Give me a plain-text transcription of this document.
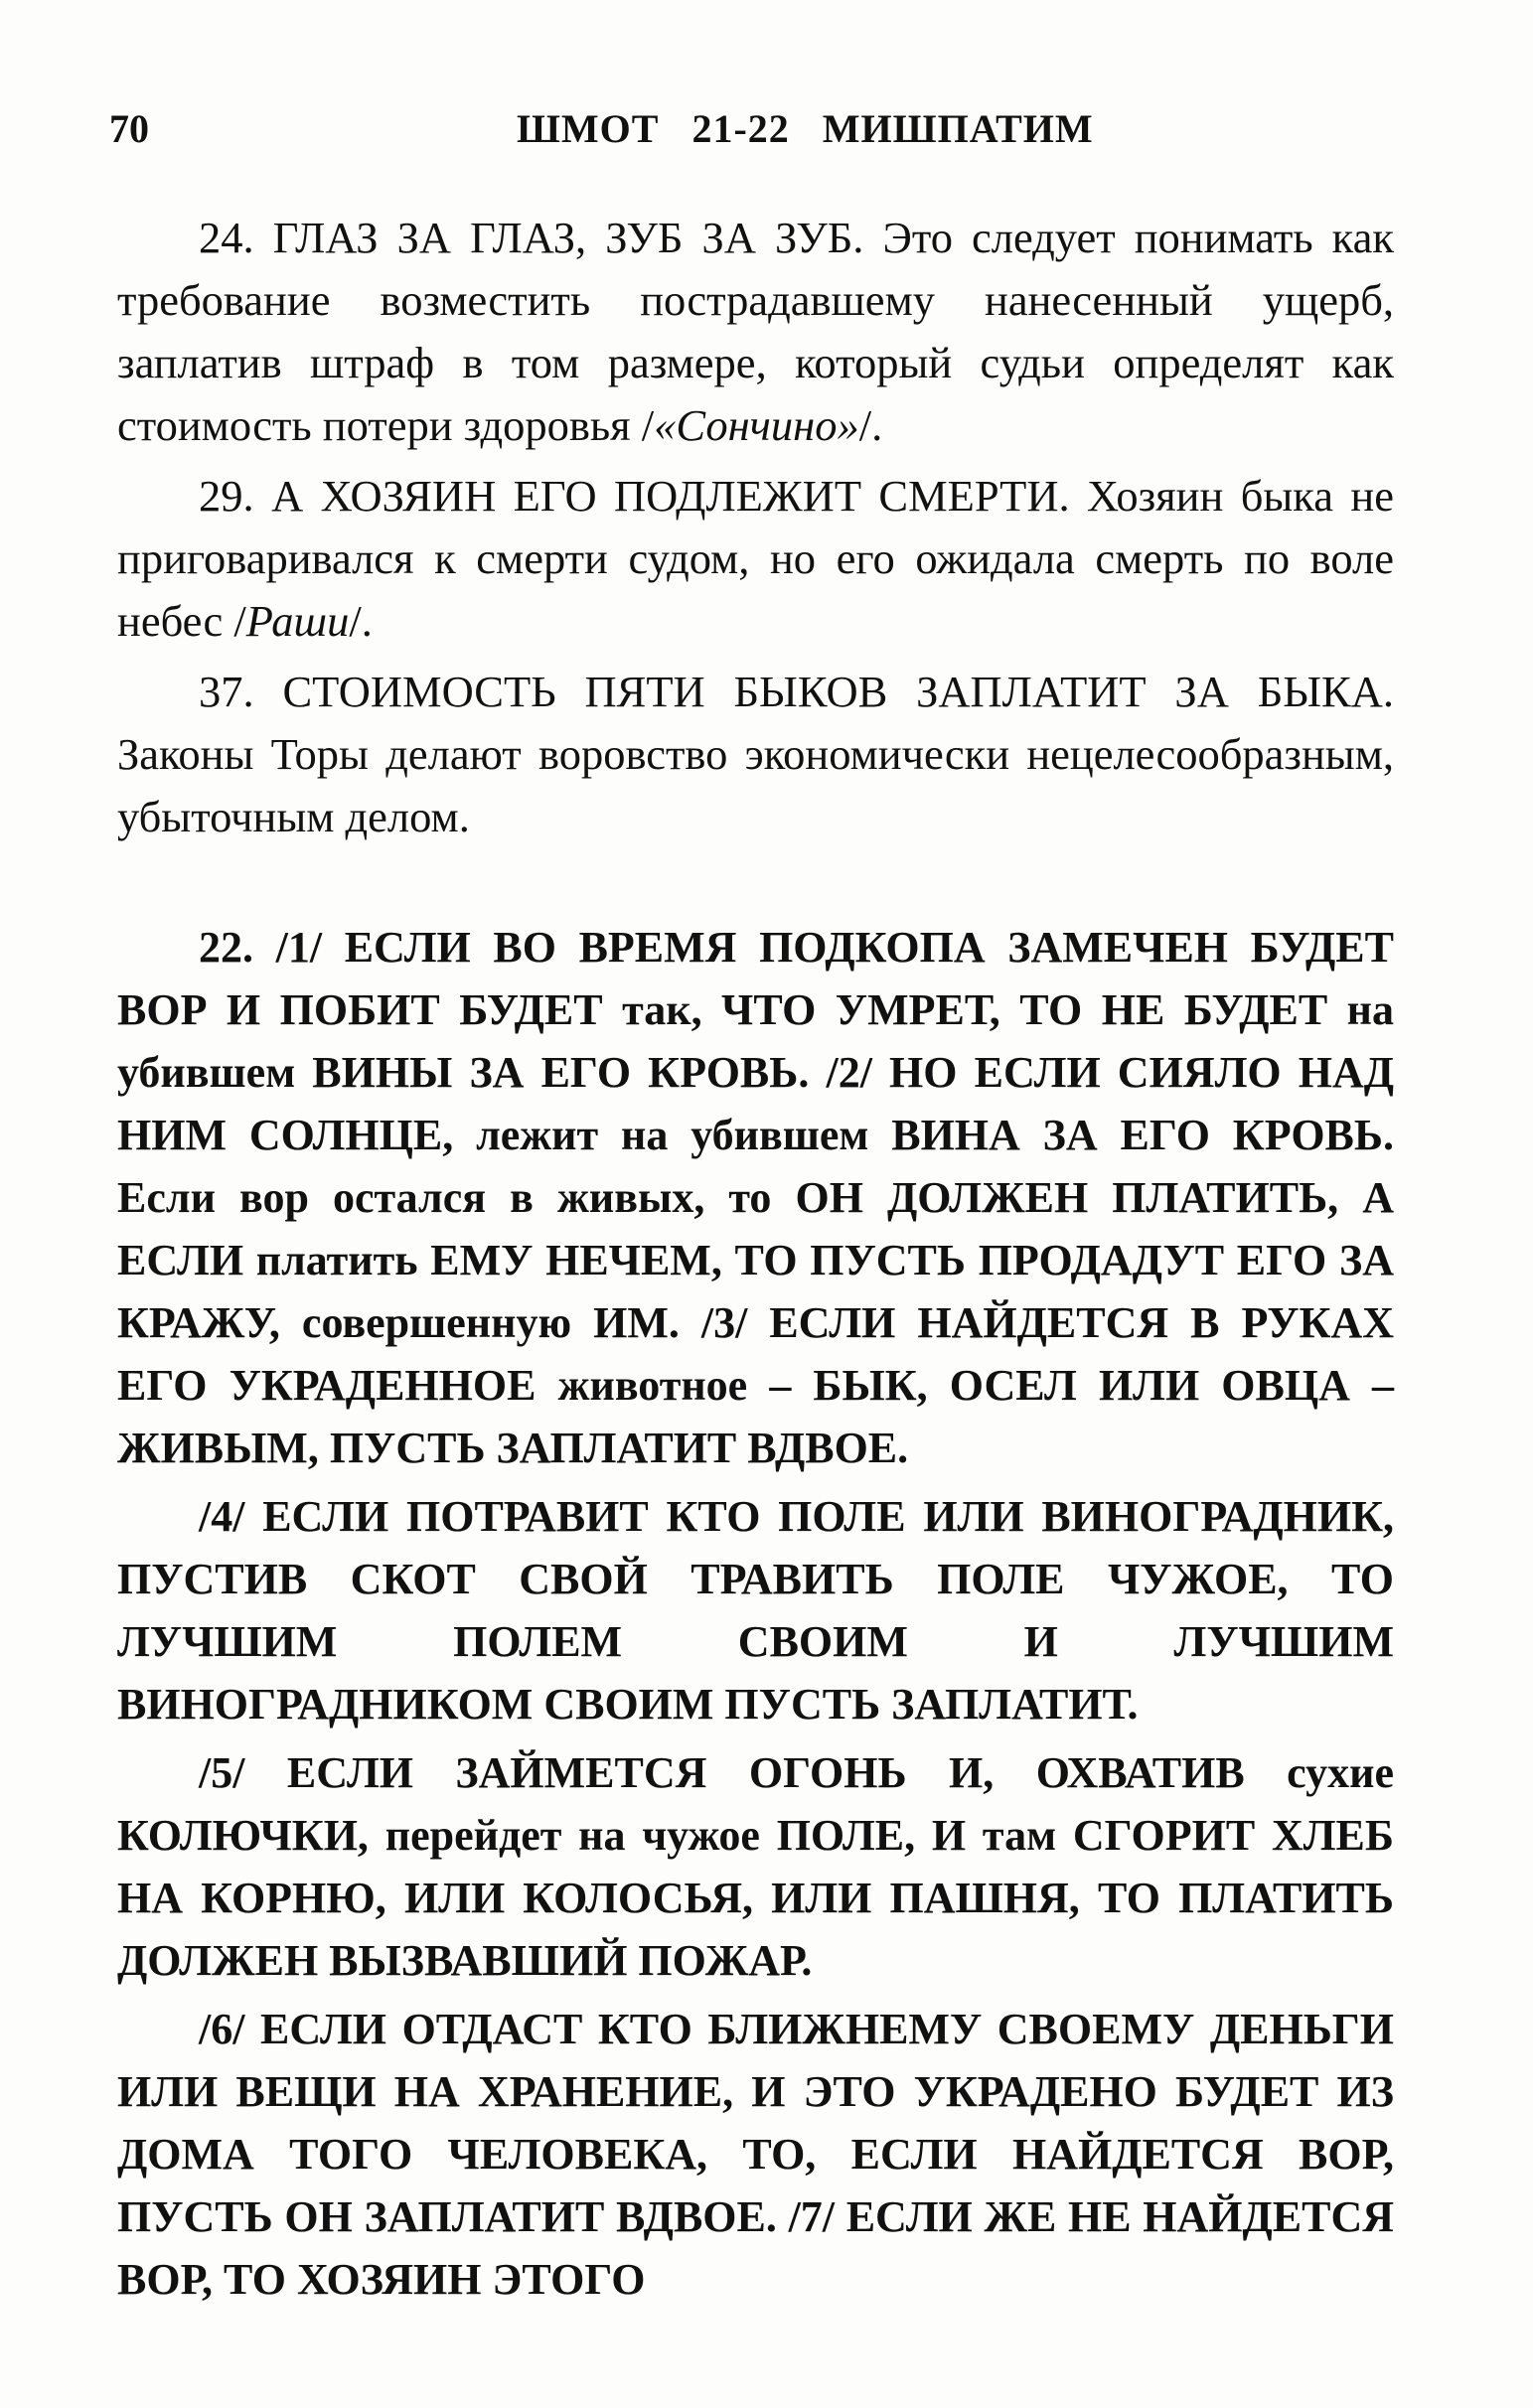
70	ШМОТ   21-22   МИШПАТИМ

24. ГЛАЗ ЗА ГЛАЗ, ЗУБ ЗА ЗУБ. Это следует понимать как требование возместить пострадавшему нанесенный ущерб, заплатив штраф в том размере, который судьи определят как стоимость потери здоровья /«Сончино»/.

29. А ХОЗЯИН ЕГО ПОДЛЕЖИТ СМЕРТИ. Хозяин быка не приговаривался к смерти судом, но его ожидала смерть по воле небес /Раши/.

37. СТОИМОСТЬ ПЯТИ БЫКОВ ЗАПЛАТИТ ЗА БЫКА. Законы Торы делают воровство экономически нецелесообразным, убыточным делом.

22. /1/ ЕСЛИ ВО ВРЕМЯ ПОДКОПА ЗАМЕЧЕН БУДЕТ ВОР И ПОБИТ БУДЕТ так, ЧТО УМРЕТ, ТО НЕ БУДЕТ на убившем ВИНЫ ЗА ЕГО КРОВЬ. /2/ НО ЕСЛИ СИЯЛО НАД НИМ СОЛНЦЕ, лежит на убившем ВИНА ЗА ЕГО КРОВЬ. Если вор остался в живых, то ОН ДОЛЖЕН ПЛАТИТЬ, А ЕСЛИ платить ЕМУ НЕЧЕМ, ТО ПУСТЬ ПРОДАДУТ ЕГО ЗА КРАЖУ, совершенную ИМ. /3/ ЕСЛИ НАЙДЕТСЯ В РУКАХ ЕГО УКРАДЕННОЕ животное – БЫК, ОСЕЛ ИЛИ ОВЦА – ЖИВЫМ, ПУСТЬ ЗАПЛАТИТ ВДВОЕ.

/4/ ЕСЛИ ПОТРАВИТ КТО ПОЛЕ ИЛИ ВИНОГРАДНИК, ПУСТИВ СКОТ СВОЙ ТРАВИТЬ ПОЛЕ ЧУЖОЕ, ТО ЛУЧШИМ ПОЛЕМ СВОИМ И ЛУЧШИМ ВИНОГРАДНИКОМ СВОИМ ПУСТЬ ЗАПЛАТИТ.

/5/ ЕСЛИ ЗАЙМЕТСЯ ОГОНЬ И, ОХВАТИВ сухие КОЛЮЧКИ, перейдет на чужое ПОЛЕ, И там СГОРИТ ХЛЕБ НА КОРНЮ, ИЛИ КОЛОСЬЯ, ИЛИ ПАШНЯ, ТО ПЛАТИТЬ ДОЛЖЕН ВЫЗВАВШИЙ ПОЖАР.

/6/ ЕСЛИ ОТДАСТ КТО БЛИЖНЕМУ СВОЕМУ ДЕНЬГИ ИЛИ ВЕЩИ НА ХРАНЕНИЕ, И ЭТО УКРАДЕНО БУДЕТ ИЗ ДОМА ТОГО ЧЕЛОВЕКА, ТО, ЕСЛИ НАЙДЕТСЯ ВОР, ПУСТЬ ОН ЗАПЛАТИТ ВДВОЕ. /7/ ЕСЛИ ЖЕ НЕ НАЙДЕТСЯ ВОР, ТО ХОЗЯИН ЭТОГО
